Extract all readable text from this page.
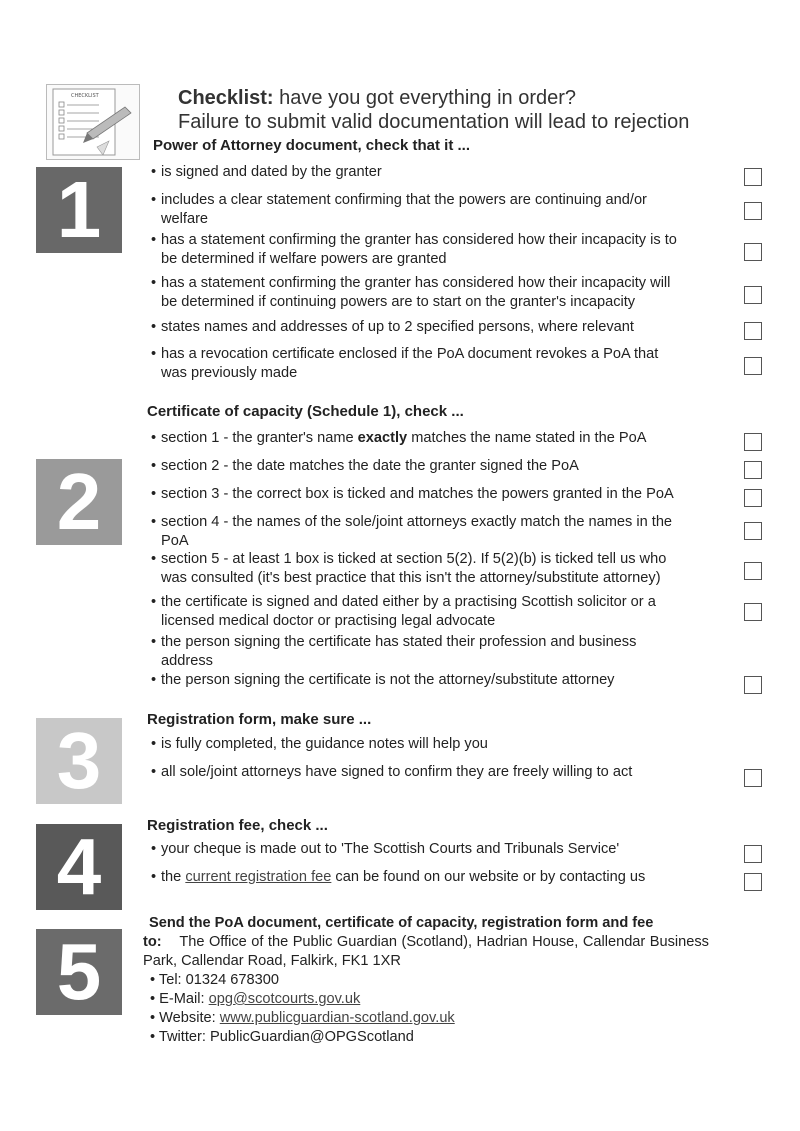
CHECKLIST	Checklist: have you got everything in order?
Failure to submit valid documentation will lead to rejection
1
2
3
4
5
Power of Attorney document, check that it ...
• is signed and dated by the granter
• includes a clear statement confirming that the powers are continuing and/or
welfare
• has a statement confirming the granter has considered how their incapacity is to
be determined if welfare powers are granted
• has a statement confirming the granter has considered how their incapacity will
be determined if continuing powers are to start on the granter's incapacity
• states names and addresses of up to 2 specified persons, where relevant
• has a revocation certificate enclosed if the PoA document revokes a PoA that
was previously made
Certificate of capacity (Schedule 1), check ...
• section 1 - the granter's name exactly matches the name stated in the PoA
• section 2 - the date matches the date the granter signed the PoA
• section 3 - the correct box is ticked and matches the powers granted in the PoA
• section 4 - the names of the sole/joint attorneys exactly match the names in the
PoA
• section 5 - at least 1 box is ticked at section 5(2). If 5(2)(b) is ticked tell us who
was consulted (it's best practice that this isn't the attorney/substitute attorney)
• the certificate is signed and dated either by a practising Scottish solicitor or a
licensed medical doctor or practising legal advocate
• the person signing the certificate has stated their profession and business
address
• the person signing the certificate is not the attorney/substitute attorney
Registration form, make sure ...
• is fully completed, the guidance notes will help you
• all sole/joint attorneys have signed to confirm they are freely willing to act
Registration fee, check ...
• your cheque is made out to 'The Scottish Courts and Tribunals Service'
• the current registration fee can be found on our website or by contacting us

Send the PoA document, certificate of capacity, registration form and fee

to: The Office of the Public Guardian (Scotland), Hadrian House, Callendar Business Park, Callendar Road, Falkirk, FK1 1XR

• Tel: 01324 678300
• E-Mail: opg@scotcourts.gov.uk
• Website: www.publicguardian-scotland.gov.uk
• Twitter: PublicGuardian@OPGScotland
